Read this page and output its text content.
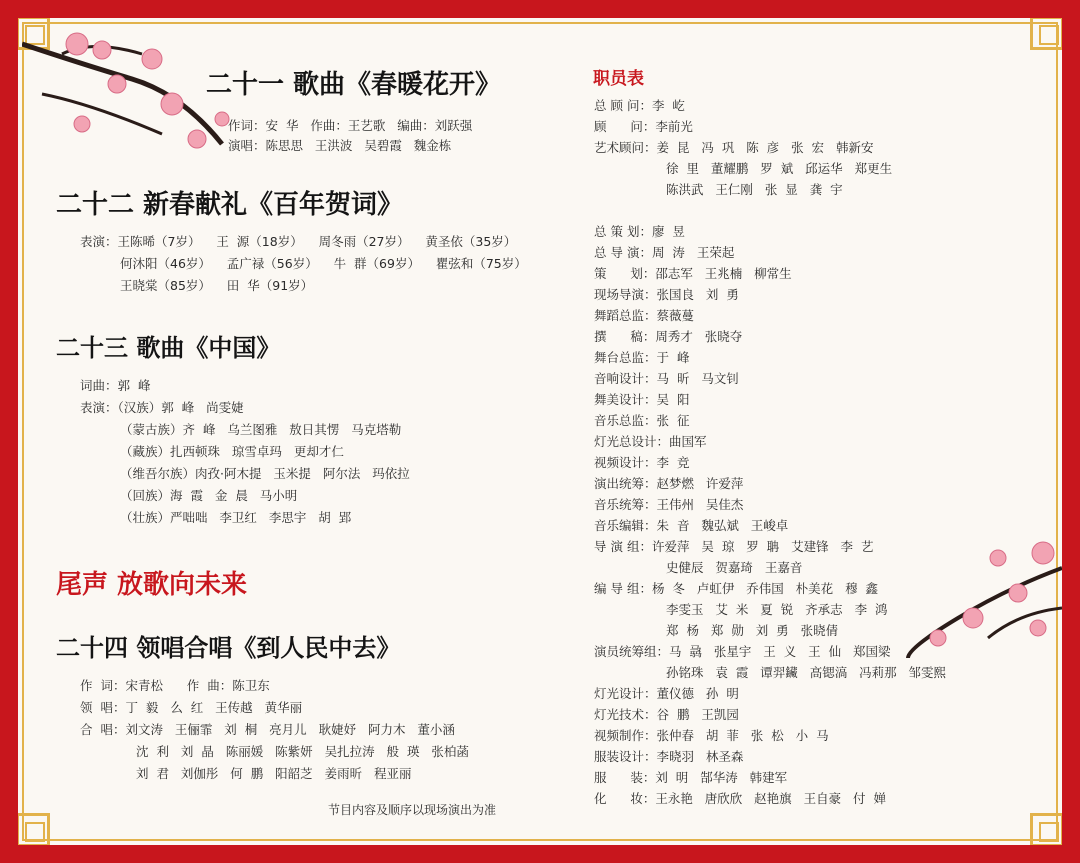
二十一 歌曲《春暖花开》
作词：安  华   作曲：王艺歌   编曲：刘跃强
演唱：陈思思   王洪波   吴碧霞   魏金栋
二十二 新春献礼《百年贺词》
表演：王陈晞（7岁）    王  源（18岁）    周冬雨（27岁）    黄圣依（35岁）
何沐阳（46岁）    孟广禄（56岁）    牛  群（69岁）    瞿弦和（75岁）
王晓棠（85岁）    田  华（91岁）
二十三 歌曲《中国》
词曲：郭  峰
表演：（汉族）郭  峰   尚雯婕
（蒙古族）齐  峰   乌兰图雅   敖日其愣   马克塔勒
（藏族）扎西顿珠   琼雪卓玛   更却才仁
（维吾尔族）肉孜·阿木提   玉米提   阿尔法   玛依拉
（回族）海  霞   金  晨   马小明
（壮族）严咄咄   李卫红   李思宇   胡  郢
尾声 放歌向未来
二十四 领唱合唱《到人民中去》
作  词：宋青松      作  曲：陈卫东
领  唱：丁  毅   么  红   王传越   黄华丽
合  唱：刘文涛   王俪霏   刘  桐   亮月儿   耿婕妤   阿力木   董小涵
沈  利   刘  晶   陈丽媛   陈紫妍   吴扎拉涛   般  瑛   张柏菡
刘  君   刘伽彤   何  鹏   阳韶芝   姜雨昕   程亚丽
节目内容及顺序以现场演出为准
职员表
总 顾 问：李  屹
顾      问：李前光
艺术顾问：姜  昆   冯  巩   陈  彦   张  宏   韩新安
徐  里   董耀鹏   罗  斌   邱运华   郑更生
陈洪武   王仁刚   张  显   龚  宇
总 策 划：廖  昱
总 导 演：周  涛   王荣起
策      划：邵志军   王兆楠   柳常生
现场导演：张国良   刘  勇
舞蹈总监：蔡薇蔓
撰      稿：周秀才   张晓夺
舞台总监：于  峰
音响设计：马  昕   马文钊
舞美设计：吴  阳
音乐总监：张  征
灯光总设计：曲国军
视频设计：李  竞
演出统筹：赵梦燃   许爱萍
音乐统筹：王伟州   吴佳杰
音乐编辑：朱  音   魏弘斌   王峻卓
导 演 组：许爱萍   吴  琼   罗  聃   艾建锋   李  艺
史健辰   贺嘉琦   王嘉音
编 导 组：杨  冬   卢虹伊   乔伟国   朴美花   穆  鑫
李雯玉   艾  米   夏  锐   齐承志   李  鸿
郑  杨   郑  勋   刘  勇   张晓倩
演员统筹组：马  骉   张星宇   王  义   王  仙   郑国梁
孙铭珠   袁  霞   谭羿鑶   高锶滈   冯莉那   邹雯熙
灯光设计：董仪德   孙  明
灯光技术：谷  鹏   王凯园
视频制作：张仲春   胡  菲   张  松   小  马
服装设计：李晓羽   林圣森
服      装：刘  明   郜华涛   韩建军
化      妆：王永艳   唐欣欣   赵艳旗   王自豪   付  婵
